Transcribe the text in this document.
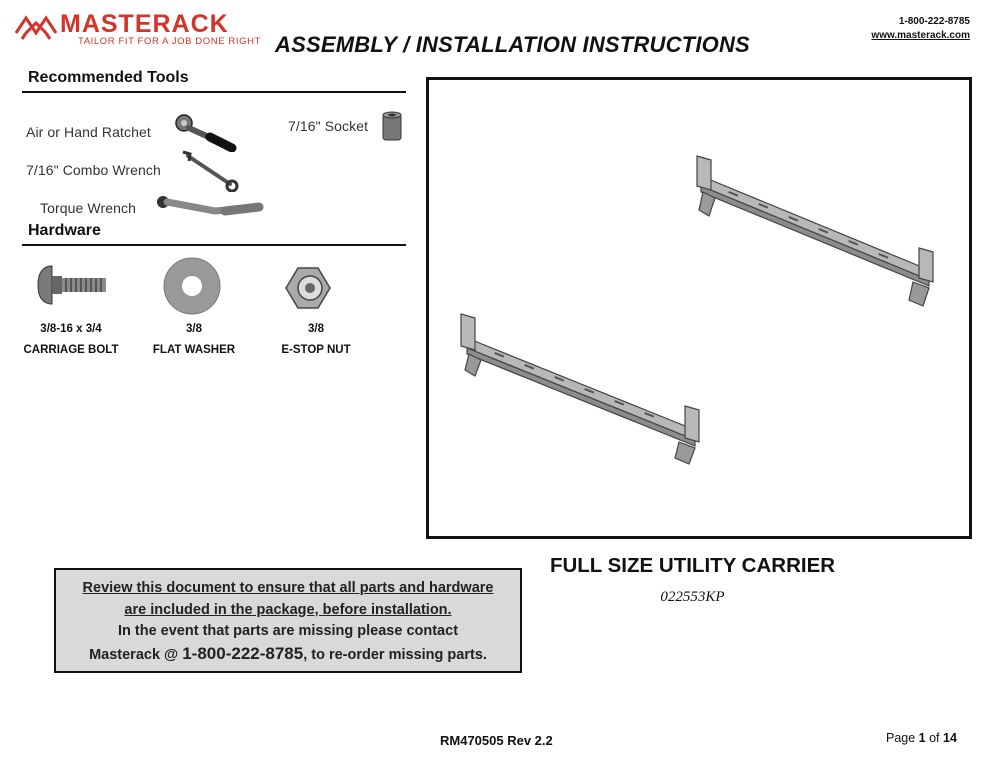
MASTERACK
TAILOR FIT FOR A JOB DONE RIGHT ASSEMBLY / INSTALLATION INSTRUCTIONS
1-800-222-8785
www.masterack.com
Recommended Tools
Air or Hand Ratchet
7/16" Combo Wrench
Torque Wrench
7/16" Socket
Hardware
3/8-16 x 3/4
CARRIAGE BOLT
3/8
FLAT WASHER
3/8
E-STOP NUT
FULL SIZE UTILITY CARRIER
022553KP
Review this document to ensure that all parts and hardware
are included in the package, before installation.
In the event that parts are missing please contact
Masterack @ 1-800-222-8785, to re-order missing parts.
RM470505 Rev 2.2	Page 1 of 14
